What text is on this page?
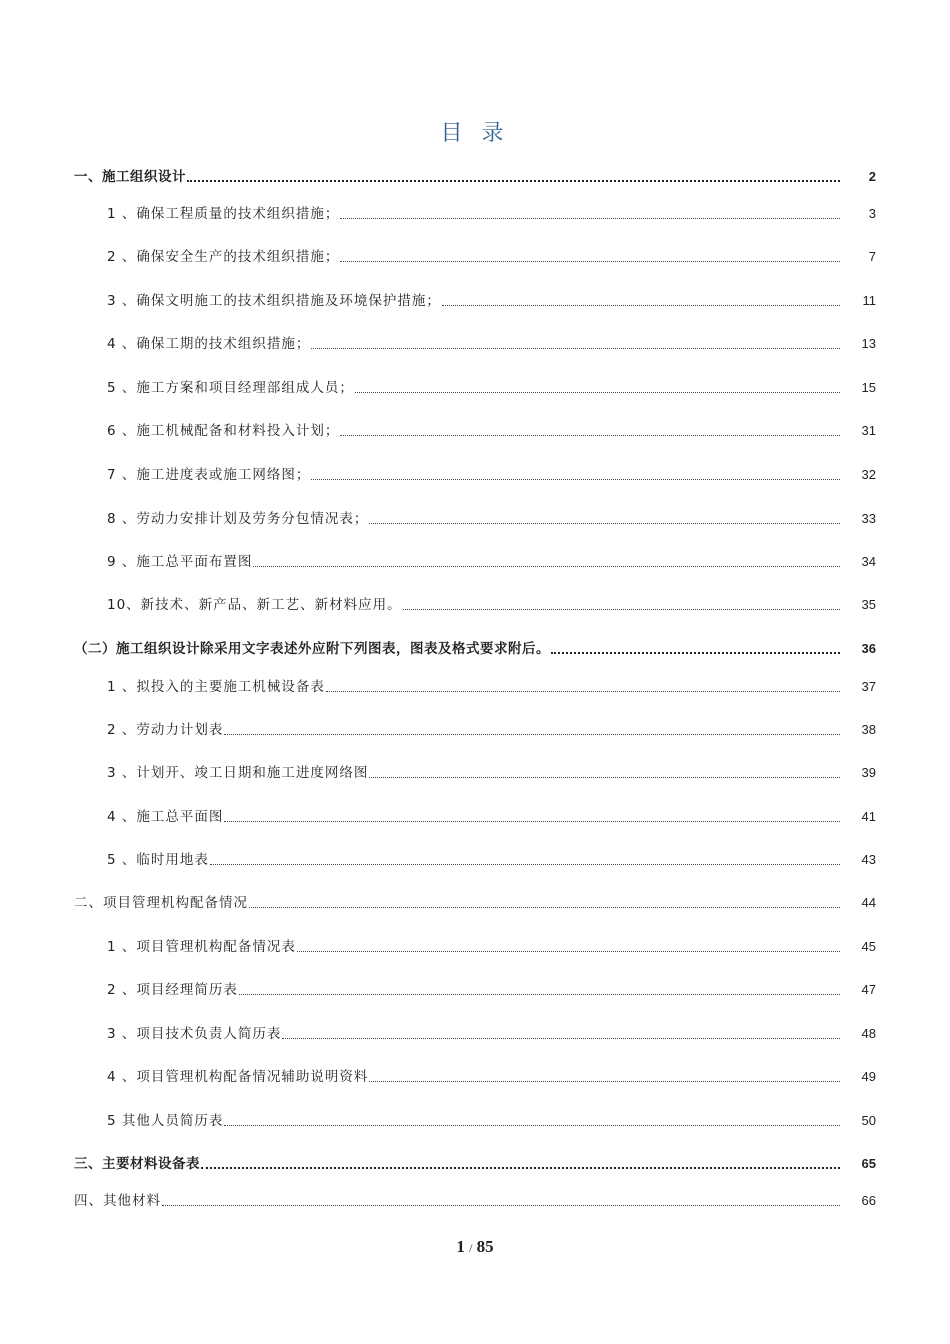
目 录
一、施工组织设计	2
1 、确保工程质量的技术组织措施；	3
2 、确保安全生产的技术组织措施；	7
3 、确保文明施工的技术组织措施及环境保护措施；	11
4 、确保工期的技术组织措施；	13
5 、施工方案和项目经理部组成人员；	15
6 、施工机械配备和材料投入计划；	31
7 、施工进度表或施工网络图；	32
8 、劳动力安排计划及劳务分包情况表；	33
9 、施工总平面布置图	34
10、新技术、新产品、新工艺、新材料应用。	35
（二）施工组织设计除采用文字表述外应附下列图表，图表及格式要求附后。	36
1 、拟投入的主要施工机械设备表	37
2 、劳动力计划表	38
3 、计划开、竣工日期和施工进度网络图	39
4 、施工总平面图	41
5 、临时用地表	43
二、项目管理机构配备情况	44
1 、项目管理机构配备情况表	45
2 、项目经理简历表	47
3 、项目技术负责人简历表	48
4 、项目管理机构配备情况辅助说明资料	49
5 其他人员简历表	50
三、主要材料设备表	65
四、其他材料	66
1 / 85
